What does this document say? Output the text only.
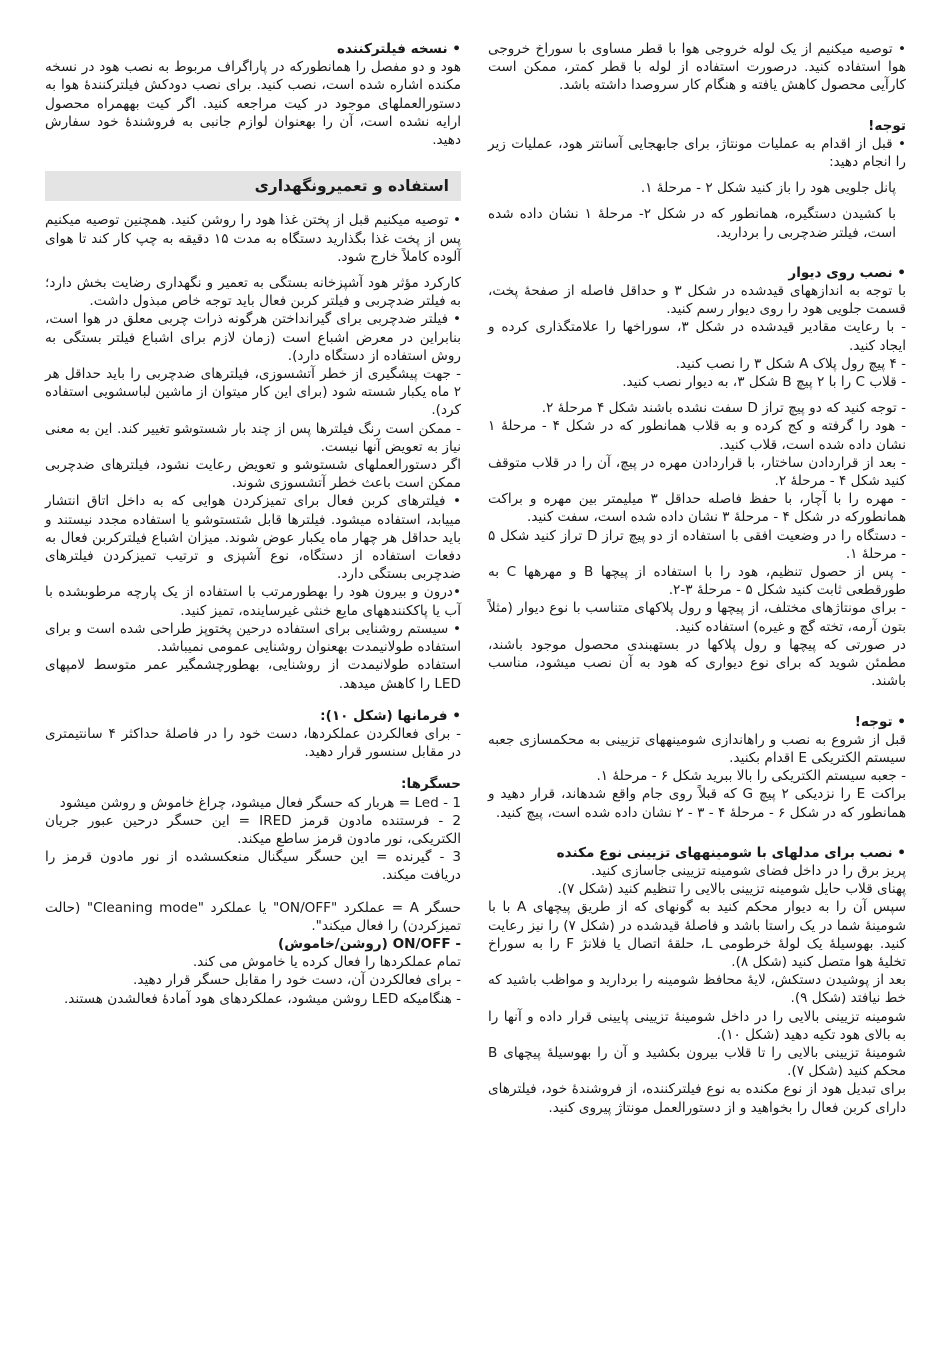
• توصیه میکنیم از یک لوله خروجی هوا با قطر مساوی با سوراخ خروجی هوا استفاده کنید. درصورت استفاده از لوله با قطر کمتر، ممکن است کارآیی محصول کاهش یافته و هنگام کار سروصدا داشته باشد.

توجه!

• قبل از اقدام به عملیات مونتاژ، برای جابهجایی آسانتر هود، عملیات زیر را انجام دهید:

پانل جلویی هود را باز کنید شکل ۲ - مرحلهٔ ۱.

با کشیدن دستگیره، همانطور که در شکل ۲- مرحلهٔ ۱ نشان داده شده است، فیلتر ضدچربی را بردارید.

• نصب روی دیوار

با توجه به اندازههای قیدشده در شکل ۳ و حداقل فاصله از صفحهٔ پخت، قسمت جلویی هود را روی دیوار رسم کنید.

- با رعایت مقادیر قیدشده در شکل ۳، سوراخها را علامتگذاری کرده و ایجاد کنید.

- ۴ پیچ رول پلاک A شکل ۳ را نصب کنید.

- قلاب C را با ۲ پیچ B شکل ۳، به دیوار نصب کنید.

- توجه کنید که دو پیچ تراز D سفت نشده باشند شکل ۴ مرحلهٔ ۲.

- هود را گرفته و کج کرده و به قلاب همانطور که در شکل ۴ - مرحلهٔ ۱ نشان داده شده است، قلاب کنید.

- بعد از قراردادن ساختار، با قراردادن مهره در پیچ، آن را در قلاب متوقف کنید شکل ۴ - مرحلهٔ ۲.

- مهره را با آچار، با حفظ فاصله حداقل ۳ میلیمتر بین مهره و براکت همانطورکه در شکل ۴ - مرحلهٔ ۳ نشان داده شده است، سفت کنید.

- دستگاه را در وضعیت افقی با استفاده از دو پیچ تراز D تراز کنید شکل ۵ - مرحلهٔ ۱.

- پس از حصول تنظیم، هود را با استفاده از پیچها B و مهرهها C به طورقطعی ثابت کنید شکل ۵ - مرحلهٔ ۳-۲.

- برای مونتاژهای مختلف، از پیچها و رول پلاکهای متناسب با نوع دیوار (مثلاً بتون آرمه، تخته گچ و غیره) استفاده کنید.

در صورتی که پیچها و رول پلاکها در بستهبندی محصول موجود باشند، مطمئن شوید که برای نوع دیواری که هود به آن نصب میشود، مناسب باشند.

• توجه!

قبل از شروع به نصب و راهاندازی شومینههای تزیینی به محکمسازی جعبه سیستم الکتریکی E اقدام بکنید.

- جعبه سیستم الکتریکی را بالا ببرید شکل ۶ - مرحلهٔ ۱.

براکت E را نزدیکی ۲ پیچ G که قبلاً روی جام واقع شدهاند، قرار دهید و همانطور که در شکل ۶ - مرحلهٔ ۴ - ۳ - ۲ نشان داده شده است، پیچ کنید.

• نصب برای مدلهای با شومینههای تزیینی نوع مکنده

پریز برق را در داخل فضای شومینه تزیینی جاسازی کنید.

پهنای قلاب حایل شومینه تزیینی بالایی را تنظیم کنید (شکل ۷).

سپس آن را به دیوار محکم کنید به گونهای که از طریق پیچهای A با با شومینهٔ شما در یک راستا باشد و فاصلهٔ قیدشده در (شکل ۷) را نیز رعایت کنید. بهوسیلهٔ یک لولهٔ خرطومی L، حلقهٔ اتصال یا فلانژ F را به سوراخ تخلیهٔ هوا متصل کنید (شکل ۸).

بعد از پوشیدن دستکش، لایهٔ محافظ شومینه را بردارید و مواظب باشید که خط نیافتد (شکل ۹).

شومینه تزیینی بالایی را در داخل شومینهٔ تزیینی پایینی قرار داده و آنها را به بالای هود تکیه دهید (شکل ۱۰).

شومینهٔ تزیینی بالایی را تا قلاب بیرون بکشید و آن را بهوسیلهٔ پیچهای B محکم کنید (شکل ۷).

برای تبدیل هود از نوع مکنده به نوع فیلترکننده، از فروشندهٔ خود، فیلترهای دارای کربن فعال را بخواهید و از دستورالعمل مونتاژ پیروی کنید.

• نسخه فیلترکننده

هود و دو مفصل را همانطورکه در پاراگراف مربوط به نصب هود در نسخه مکنده اشاره شده است، نصب کنید. برای نصب دودکش فیلترکنندهٔ هوا به دستورالعملهای موجود در کیت مراجعه کنید. اگر کیت بههمراه محصول ارایه نشده است، آن را بهعنوان لوازم جانبی به فروشندهٔ خود سفارش دهید.

استفاده و تعمیرونگهداری

• توصیه میکنیم قبل از پختن غذا هود را روشن کنید. همچنین توصیه میکنیم پس از پخت غذا بگذارید دستگاه به مدت ۱۵ دقیقه به چپ کار کند تا هوای آلوده کاملاً خارج شود.

کارکرد مؤثر هود آشپزخانه بستگی به تعمیر و نگهداری رضایت بخش دارد؛ به فیلتر ضدچربی و فیلتر کربن فعال باید توجه خاص مبذول داشت.

• فیلتر ضدچربی برای گیرانداختن هرگونه ذرات چربی معلق در هوا است، بنابراین در معرض اشباع است (زمان لازم برای اشباع فیلتر بستگی به روش استفاده از دستگاه دارد).

- جهت پیشگیری از خطر آتشسوزی، فیلترهای ضدچربی را باید حداقل هر ۲ ماه یکبار شسته شود (برای این کار میتوان از ماشین لباسشویی استفاده کرد).

- ممکن است رنگ فیلترها پس از چند بار شستوشو تغییر کند. این به معنی نیاز به تعویض آنها نیست.

اگر دستورالعملهای شستوشو و تعویض رعایت نشود، فیلترهای ضدچربی ممکن است باعث خطر آتشسوزی شوند.

• فیلترهای کربن فعال برای تمیزکردن هوایی که به داخل اتاق انتشار مییابد، استفاده میشود. فیلترها قابل شتستوشو یا استفاده مجدد نیستند و باید حداقل هر چهار ماه یکبار عوض شوند. میزان اشباع فیلترکربن فعال به دفعات استفاده از دستگاه، نوع آشپزی و ترتیب تمیزکردن فیلترهای ضدچربی بستگی دارد.

•درون و بیرون هود را بهطورمرتب با استفاده از یک پارچه مرطوبشده با آب یا پاککنندههای مایع خنثی غیرساینده، تمیز کنید.

• سیستم روشنایی برای استفاده درحین پختوپز طراحی شده است و برای استفاده طولانیمدت بهعنوان روشنایی عمومی نمیباشد.

استفاده طولانیمدت از روشنایی، بهطورچشمگیر عمر متوسط لامپهای LED را کاهش میدهد.

• فرمانها (شکل ۱۰):

- برای فعالکردن عملکردها، دست خود را در فاصلهٔ حداکثر ۴ سانتیمتری در مقابل سنسور قرار دهید.

حسگرها:

Led - 1 = هربار که حسگر فعال میشود، چراغ خاموش و روشن میشود

2 - فرستنده مادون قرمز IRED = این حسگر درحین عبور جریان الکتریکی، نور مادون قرمز ساطع میکند.

3 - گیرنده = این حسگر سیگنال منعکسشده از نور مادون قرمز را دریافت میکند.

حسگر A = عملکرد "ON/OFF" یا عملکرد "Cleaning mode" (حالت تمیزکردن) را فعال میکند".

- ON/OFF (روشن/خاموش)

تمام عملکردها را فعال کرده یا خاموش می کند.

- برای فعالکردن آن، دست خود را مقابل حسگر قرار دهید.

- هنگامیکه LED روشن میشود، عملکردهای هود آمادهٔ فعالشدن هستند.
